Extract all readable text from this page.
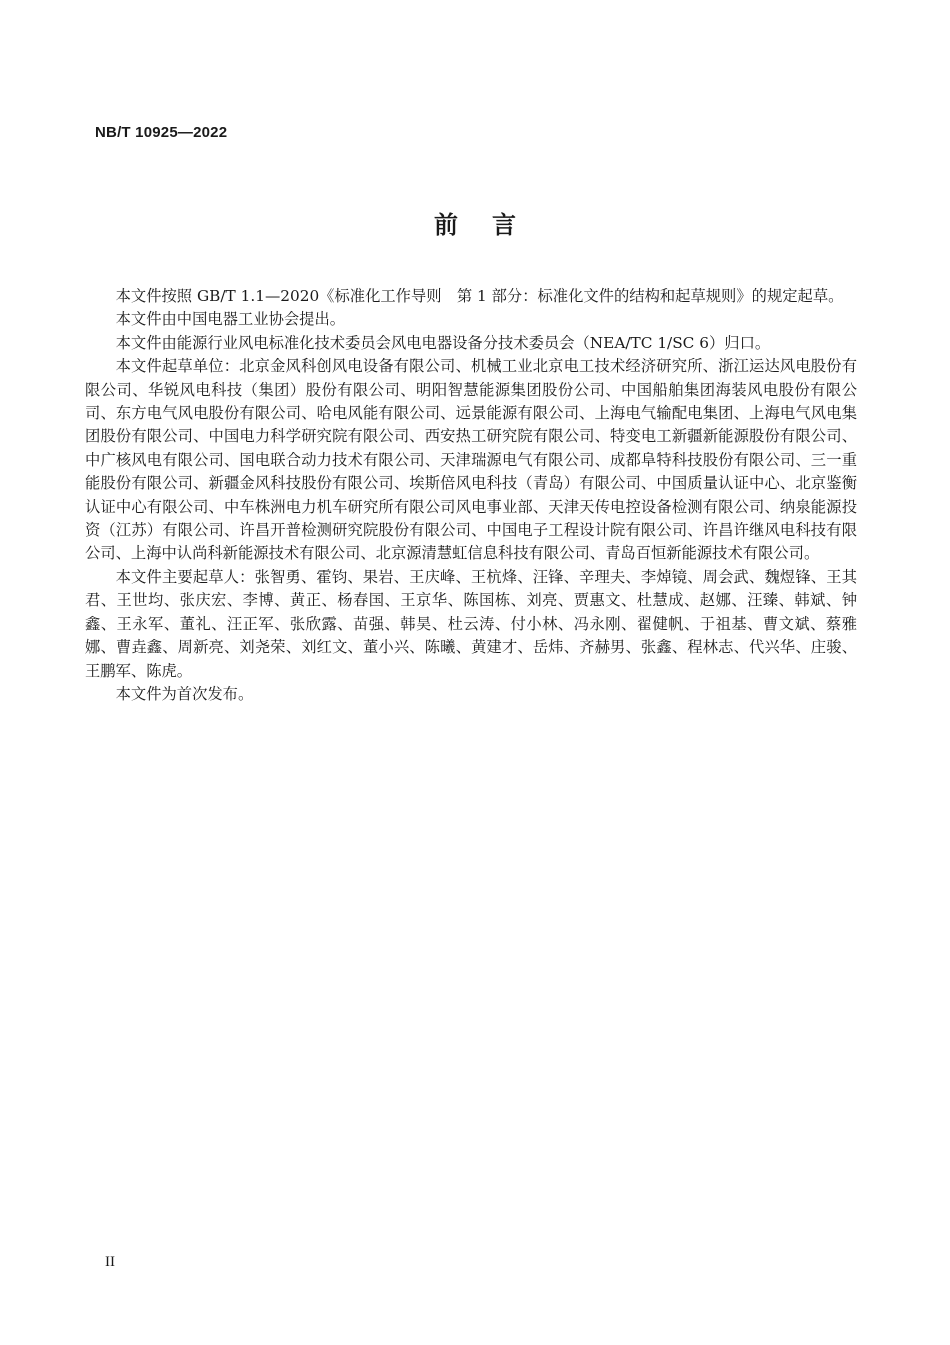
NB/T 10925—2022
前言

本文件按照 GB/T 1.1—2020《标准化工作导则　第 1 部分：标准化文件的结构和起草规则》的规定起草。

本文件由中国电器工业协会提出。

本文件由能源行业风电标准化技术委员会风电电器设备分技术委员会（NEA/TC 1/SC 6）归口。

本文件起草单位：北京金风科创风电设备有限公司、机械工业北京电工技术经济研究所、浙江运达风电股份有限公司、华锐风电科技（集团）股份有限公司、明阳智慧能源集团股份公司、中国船舶集团海装风电股份有限公司、东方电气风电股份有限公司、哈电风能有限公司、远景能源有限公司、上海电气输配电集团、上海电气风电集团股份有限公司、中国电力科学研究院有限公司、西安热工研究院有限公司、特变电工新疆新能源股份有限公司、中广核风电有限公司、国电联合动力技术有限公司、天津瑞源电气有限公司、成都阜特科技股份有限公司、三一重能股份有限公司、新疆金风科技股份有限公司、埃斯倍风电科技（青岛）有限公司、中国质量认证中心、北京鉴衡认证中心有限公司、中车株洲电力机车研究所有限公司风电事业部、天津天传电控设备检测有限公司、纳泉能源投资（江苏）有限公司、许昌开普检测研究院股份有限公司、中国电子工程设计院有限公司、许昌许继风电科技有限公司、上海中认尚科新能源技术有限公司、北京源清慧虹信息科技有限公司、青岛百恒新能源技术有限公司。

本文件主要起草人：张智勇、霍钧、果岩、王庆峰、王杭烽、汪锋、辛理夫、李焯镜、周会武、魏煜锋、王其君、王世均、张庆宏、李博、黄正、杨春国、王京华、陈国栋、刘亮、贾惠文、杜慧成、赵娜、汪臻、韩斌、钟鑫、王永军、董礼、汪正军、张欣露、苗强、韩昊、杜云涛、付小林、冯永刚、翟健帆、于祖基、曹文斌、蔡雅娜、曹垚鑫、周新亮、刘尧荣、刘红文、董小兴、陈曦、黄建才、岳炜、齐赫男、张鑫、程林志、代兴华、庄骏、王鹏军、陈虎。

本文件为首次发布。

II
